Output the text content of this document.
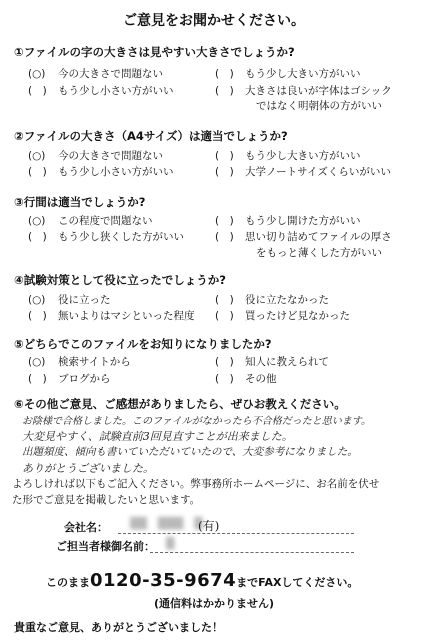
ご意見をお聞かせください。
①ファイルの字の大きさは見やすい大きさでしょうか?
(○) 今の大きさで問題ない	(　) もう少し大きい方がいい
(　) もう少し小さい方がいい	(　) 大きさは良いが字体はゴシック
ではなく明朝体の方がいい
②ファイルの大きさ（A4サイズ）は適当でしょうか?
(○) 今の大きさで問題ない	(　) もう少し大きい方がいい
(　) もう少し小さい方がいい	(　) 大学ノートサイズくらいがいい
③行間は適当でしょうか?
(○) この程度で問題ない	(　) もう少し開けた方がいい
(　) もう少し狭くした方がいい	(　) 思い切り詰めてファイルの厚さ
をもっと薄くした方がいい
④試験対策として役に立ったでしょうか?
(○) 役に立った	(　) 役に立たなかった
(　) 無いよりはマシといった程度 (　) 買ったけど見なかった
⑤どちらでこのファイルをお知りになりましたか?
(○) 検索サイトから	(　) 知人に教えられて
(　) ブログから	(　) その他
⑥その他ご意見、ご感想がありましたら、ぜひお教えください。
お陰様で合格しました。このファイルがなかったら不合格だったと思います。
大変見やすく、試験直前3回見直すことが出来ました。
出題頻度、傾向も書いていただいていたので、大変参考になりました。
ありがとうございました。
よろしければ以下もご記入ください。弊事務所ホームページに、お名前を伏せ
た形でご意見を掲載したいと思います。
会社名： ▒▒　▒▒▒　▒
(有)
ご担当者様御名前： ▒
このまま0120-35-9674までFAXしてください。
(通信料はかかりません)
貴重なご意見、ありがとうございました！
